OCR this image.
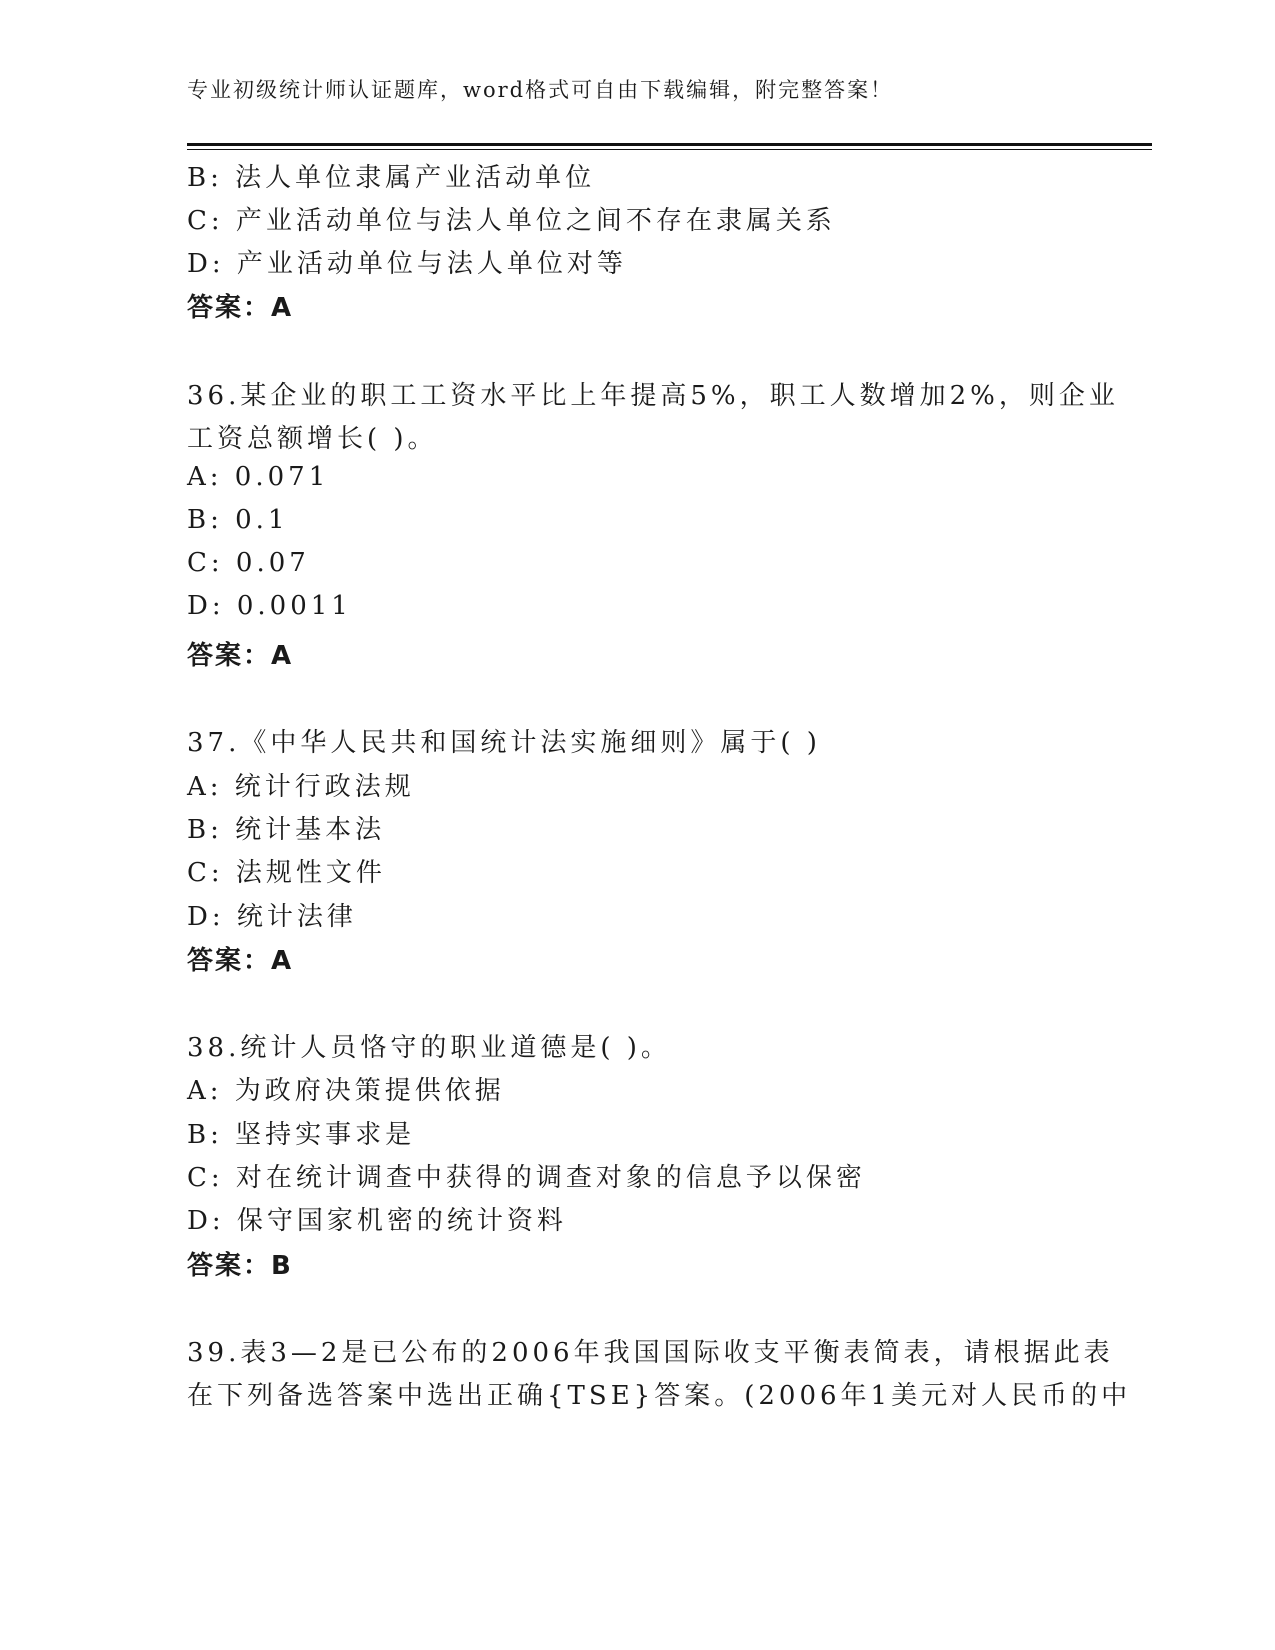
专业初级统计师认证题库，word格式可自由下载编辑，附完整答案！
B: 法人单位隶属产业活动单位
C: 产业活动单位与法人单位之间不存在隶属关系
D: 产业活动单位与法人单位对等
答案：A
36.某企业的职工工资水平比上年提高5%，职工人数增加2%，则企业
工资总额增长( )。
A: 0.071
B: 0.1
C: 0.07
D: 0.0011
答案：A
37.《中华人民共和国统计法实施细则》属于( )
A: 统计行政法规
B: 统计基本法
C: 法规性文件
D: 统计法律
答案：A
38.统计人员恪守的职业道德是( )。
A: 为政府决策提供依据
B: 坚持实事求是
C: 对在统计调查中获得的调查对象的信息予以保密
D: 保守国家机密的统计资料
答案：B
39.表3—2是已公布的2006年我国国际收支平衡表简表，请根据此表
在下列备选答案中选出正确{TSE}答案。(2006年1美元对人民币的中
